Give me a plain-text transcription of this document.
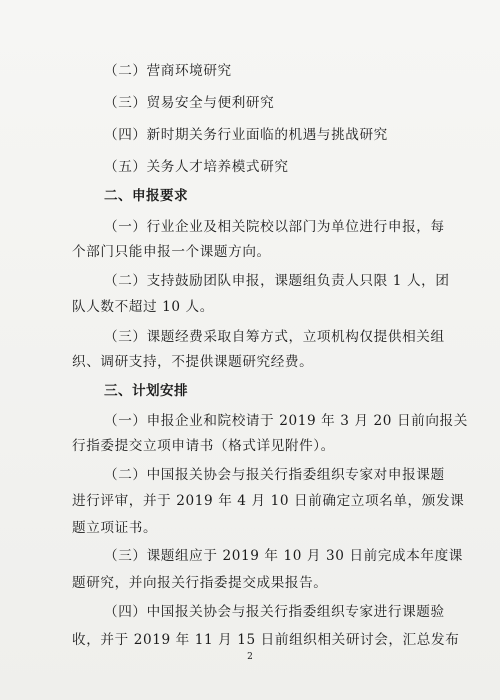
（二）营商环境研究
（三）贸易安全与便利研究
（四）新时期关务行业面临的机遇与挑战研究
（五）关务人才培养模式研究
二、申报要求
（一）行业企业及相关院校以部门为单位进行申报，每
个部门只能申报一个课题方向。
（二）支持鼓励团队申报，课题组负责人只限 1 人，团
队人数不超过 10 人。
（三）课题经费采取自筹方式，立项机构仅提供相关组
织、调研支持，不提供课题研究经费。
三、计划安排
（一）申报企业和院校请于 2019 年 3 月 20 日前向报关
行指委提交立项申请书（格式详见附件）。
（二）中国报关协会与报关行指委组织专家对申报课题
进行评审，并于 2019 年 4 月 10 日前确定立项名单，颁发课
题立项证书。
（三）课题组应于 2019 年 10 月 30 日前完成本年度课
题研究，并向报关行指委提交成果报告。
（四）中国报关协会与报关行指委组织专家进行课题验
收，并于 2019 年 11 月 15 日前组织相关研讨会，汇总发布
2
